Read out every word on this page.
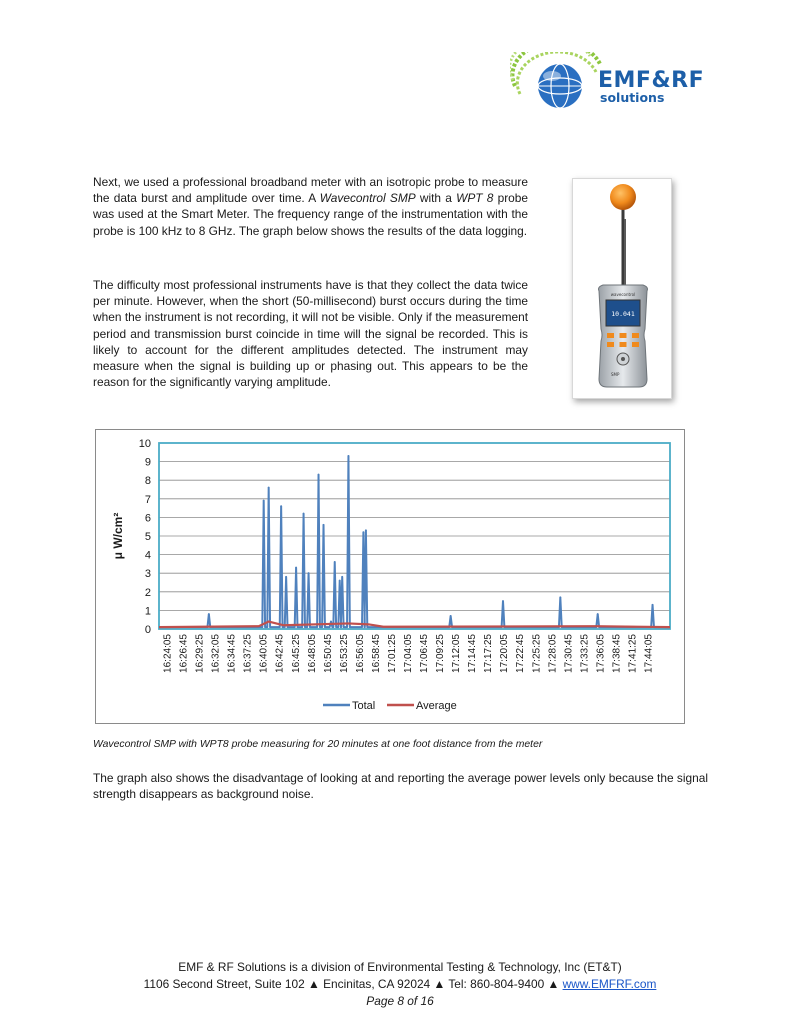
EMF&RF
solutions

Next, we used a professional broadband meter with an isotropic probe to measure the data burst and amplitude over time. A Wavecontrol SMP with a WPT 8 probe was used at the Smart Meter. The frequency range of the instrumentation with the probe is 100 kHz to 8 GHz. The graph below shows the results of the data logging.

The difficulty most professional instruments have is that they collect the data twice per minute. However, when the short (50-millisecond) burst occurs during the time when the instrument is not recording, it will not be visible. Only if the measurement period and transmission burst coincide in time will the signal be recorded. This is likely to account for the different amplitudes detected. The instrument may measure when the signal is building up or phasing out. This appears to be the reason for the significantly varying amplitude.

wavecontrol
10.041
SMP
0
1
2
3
4
5
6
7
8
9
10
μ W/cm²
16:24:05 16:26:45 16:29:25 16:32:05 16:34:45 16:37:25 16:40:05 16:42:45 16:45:25 16:48:05 16:50:45 16:53:25 16:56:05 16:58:45 17:01:25 17:04:05 17:06:45 17:09:25 17:12:05 17:14:45 17:17:25 17:20:05 17:22:45 17:25:25 17:28:05 17:30:45 17:33:25 17:36:05 17:38:45 17:41:25 17:44:05
Total	Average

Wavecontrol SMP with WPT8 probe measuring for 20 minutes at one foot distance from the meter

The graph also shows the disadvantage of looking at and reporting the average power levels only because the signal strength disappears as background noise.

EMF & RF Solutions is a division of Environmental Testing & Technology, Inc (ET&T)

1106 Second Street, Suite 102 ▲ Encinitas, CA 92024 ▲ Tel: 860-804-9400 ▲ www.EMFRF.com

Page 8 of 16
